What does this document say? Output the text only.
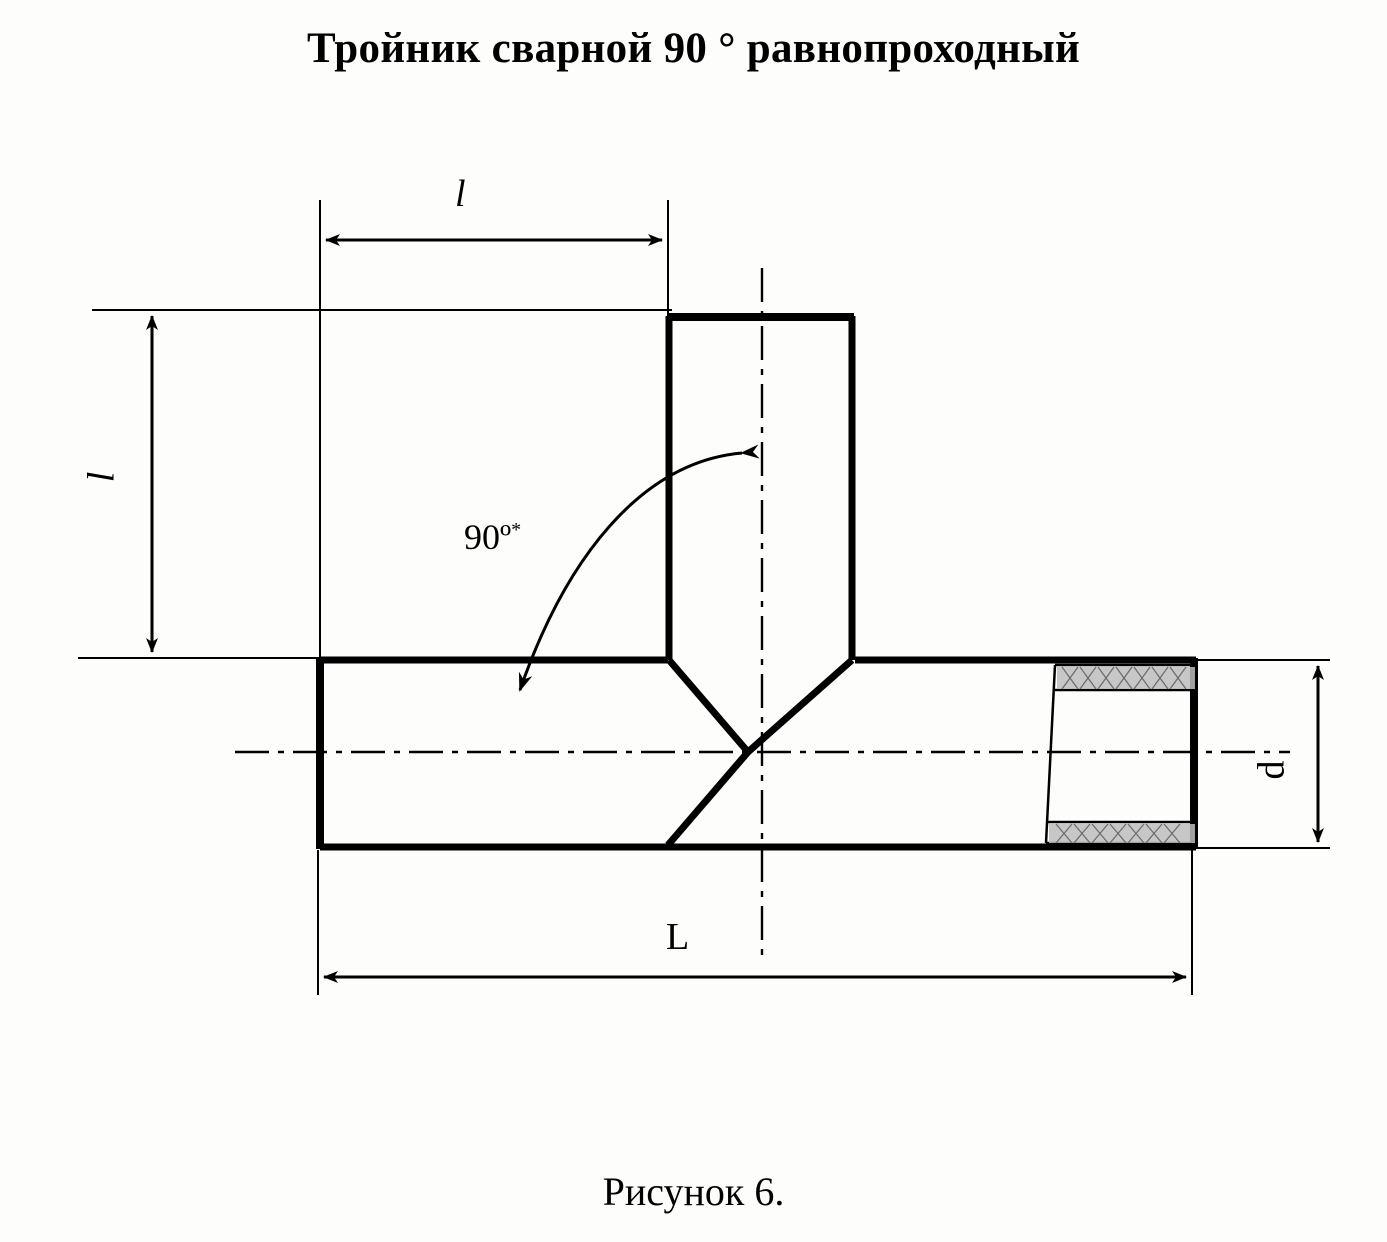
Тройник сварной 90 ° равнопроходный
l
l
90º*
L
d
Рисунок 6.
